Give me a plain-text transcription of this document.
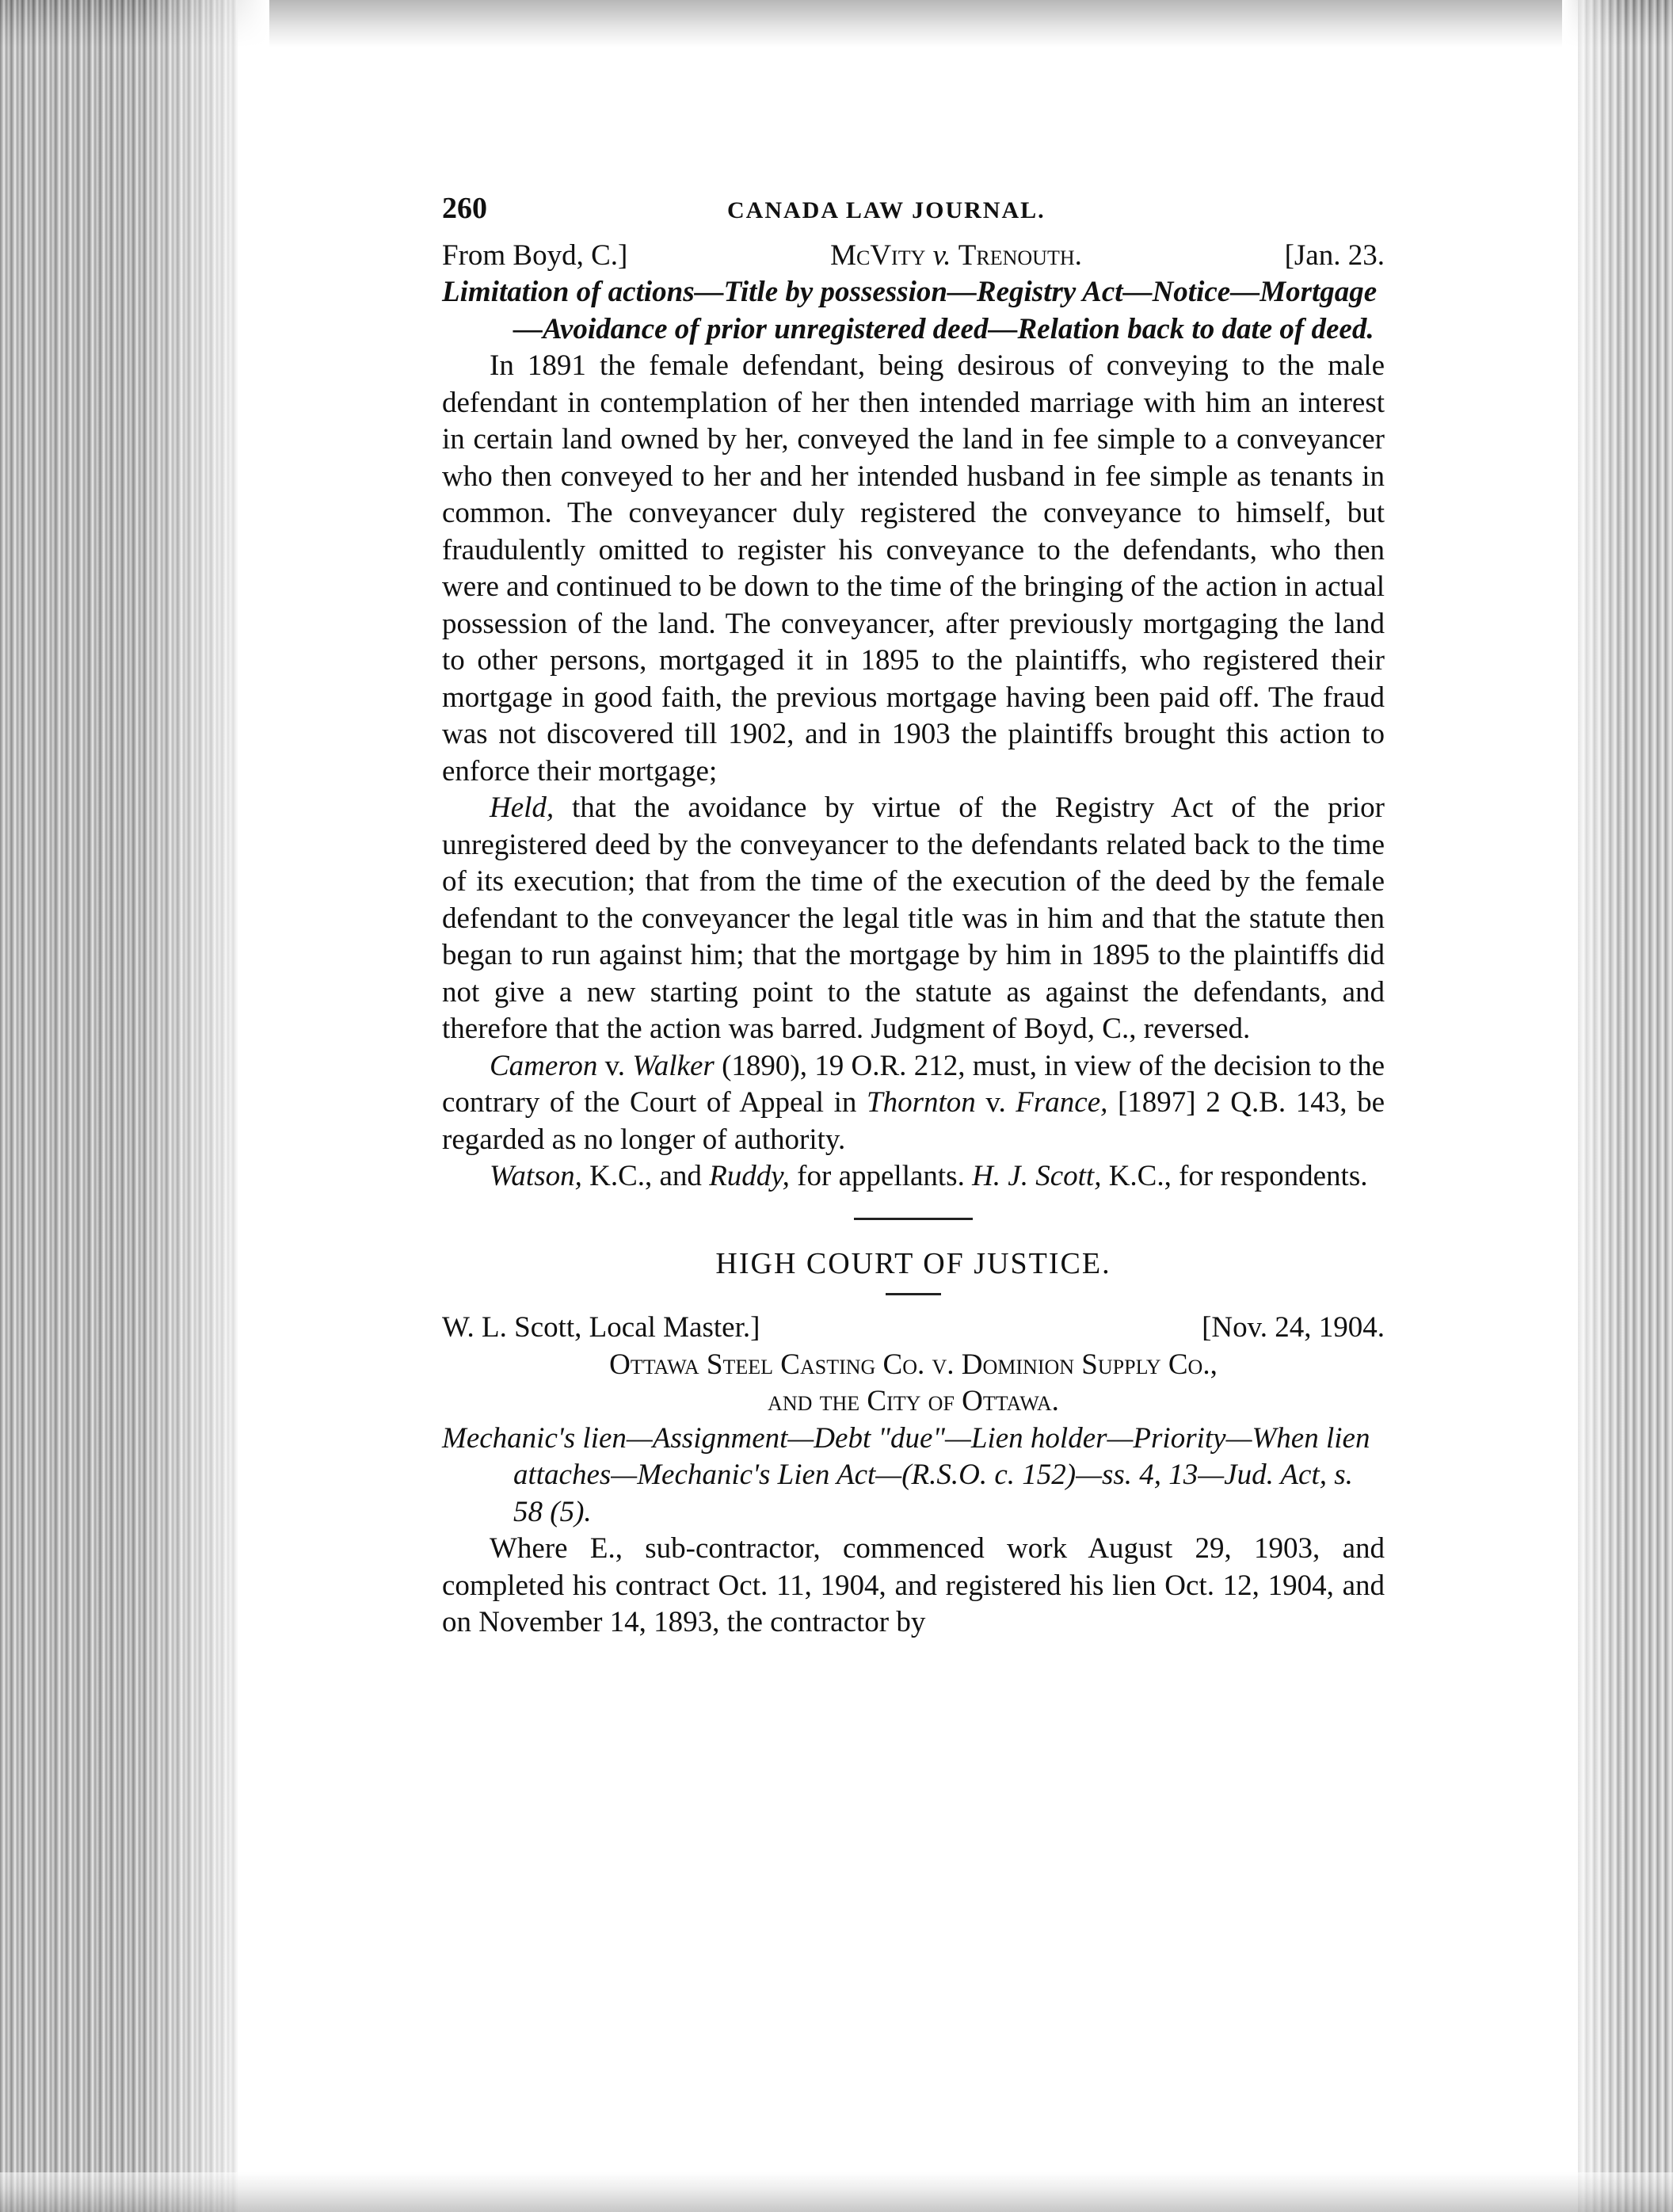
260	CANADA LAW JOURNAL.
From Boyd, C.]	McVity v. Trenouth.	[Jan. 23.

Limitation of actions—Title by possession—Registry Act—Notice—Mortgage—Avoidance of prior unregistered deed—Relation back to date of deed.

In 1891 the female defendant, being desirous of conveying to the male defendant in contemplation of her then intended marriage with him an interest in certain land owned by her, conveyed the land in fee simple to a conveyancer who then conveyed to her and her intended husband in fee simple as tenants in common. The conveyancer duly registered the conveyance to himself, but fraudulently omitted to register his conveyance to the defendants, who then were and continued to be down to the time of the bringing of the action in actual possession of the land. The conveyancer, after previously mortgaging the land to other persons, mortgaged it in 1895 to the plaintiffs, who registered their mortgage in good faith, the previous mortgage having been paid off. The fraud was not discovered till 1902, and in 1903 the plaintiffs brought this action to enforce their mortgage;

Held, that the avoidance by virtue of the Registry Act of the prior unregistered deed by the conveyancer to the defendants related back to the time of its execution; that from the time of the execution of the deed by the female defendant to the conveyancer the legal title was in him and that the statute then began to run against him; that the mortgage by him in 1895 to the plaintiffs did not give a new starting point to the statute as against the defendants, and therefore that the action was barred. Judgment of Boyd, C., reversed.

Cameron v. Walker (1890), 19 O.R. 212, must, in view of the decision to the contrary of the Court of Appeal in Thornton v. France, [1897] 2 Q.B. 143, be regarded as no longer of authority.

Watson, K.C., and Ruddy, for appellants. H. J. Scott, K.C., for respondents.

HIGH COURT OF JUSTICE.

W. L. Scott, Local Master.]	[Nov. 24, 1904.

Ottawa Steel Casting Co. v. Dominion Supply Co.,

and the City of Ottawa.

Mechanic's lien—Assignment—Debt "due"—Lien holder—Priority—When lien attaches—Mechanic's Lien Act—(R.S.O. c. 152)—ss. 4, 13—Jud. Act, s. 58 (5).

Where E., sub-contractor, commenced work August 29, 1903, and completed his contract Oct. 11, 1904, and registered his lien Oct. 12, 1904, and on November 14, 1893, the contractor by
